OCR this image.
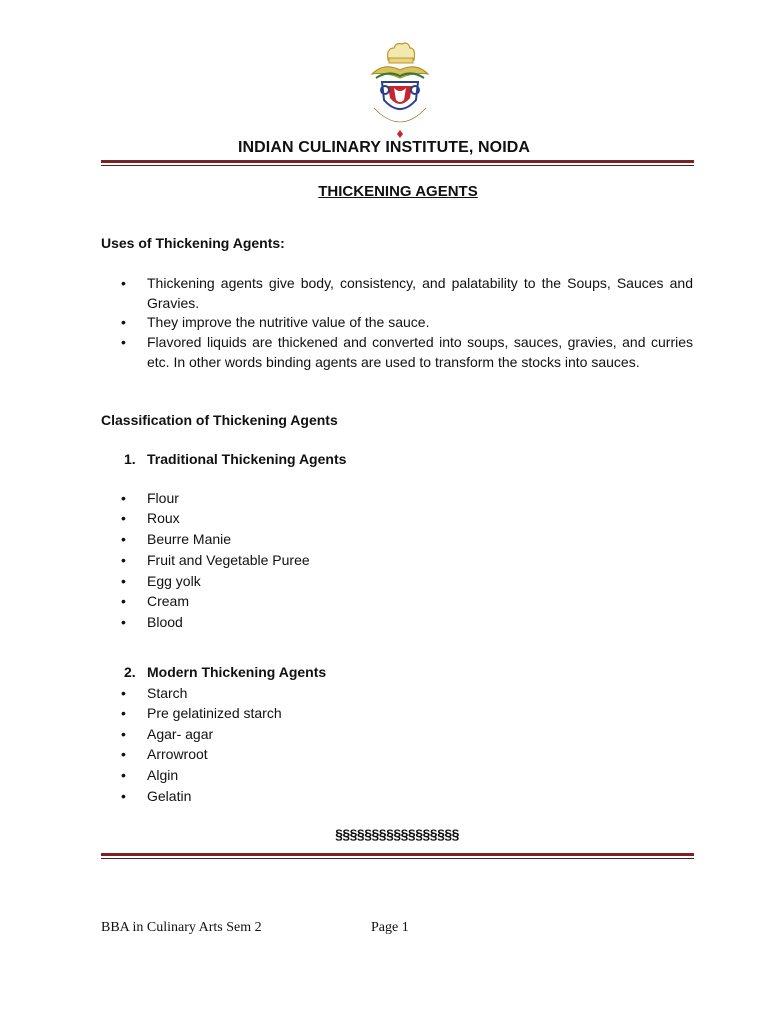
INDIAN CULINARY INSTITUTE, NOIDA
THICKENING AGENTS
Uses of Thickening Agents:
• Thickening agents give body, consistency, and palatability to the Soups, Sauces and Gravies.
• They improve the nutritive value of the sauce.
• Flavored liquids are thickened and converted into soups, sauces, gravies, and curries etc. In other words binding agents are used to transform the stocks into sauces.
Classification of Thickening Agents
1. Traditional Thickening Agents
• Flour
• Roux
• Beurre Manie
• Fruit and Vegetable Puree
• Egg yolk
• Cream
• Blood
2. Modern Thickening Agents
• Starch
• Pre gelatinized starch
• Agar- agar
• Arrowroot
• Algin
• Gelatin
§§§§§§§§§§§§§§§§§
BBA in Culinary Arts Sem 2	Page 1
